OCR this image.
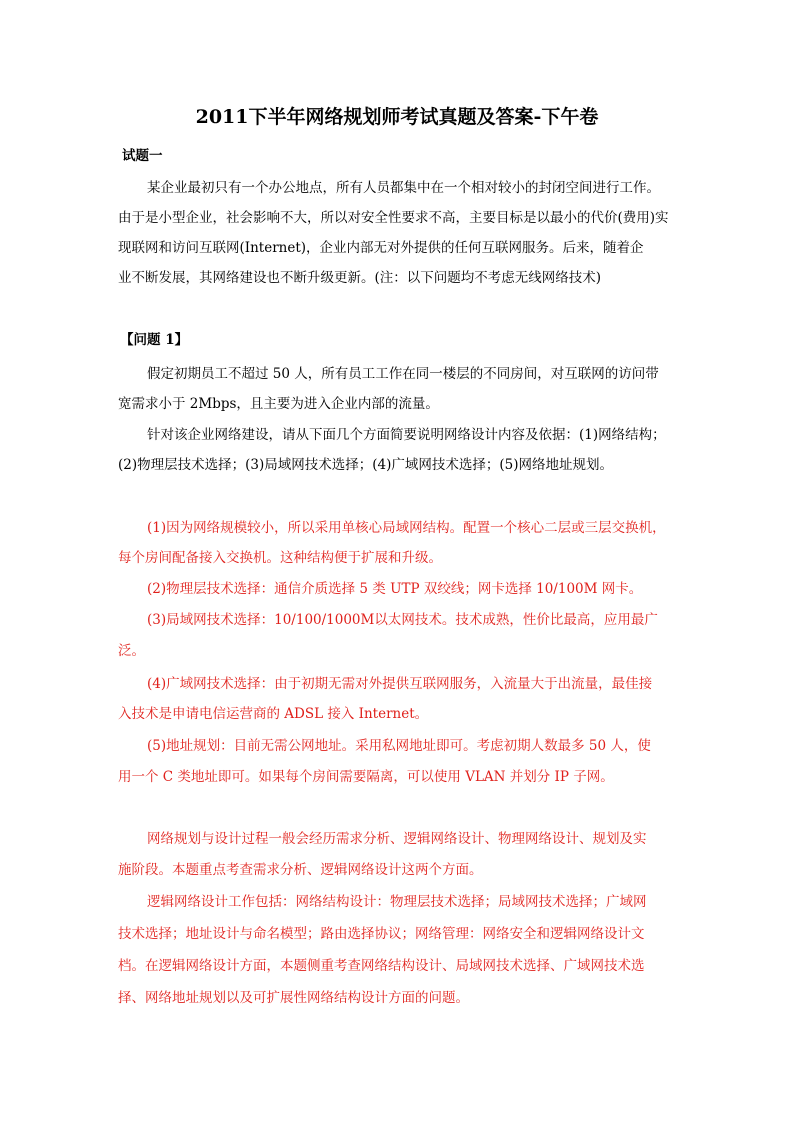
2011下半年网络规划师考试真题及答案-下午卷
试题一
某企业最初只有一个办公地点，所有人员都集中在一个相对较小的封闭空间进行工作。
由于是小型企业，社会影响不大，所以对安全性要求不高，主要目标是以最小的代价(费用)实
现联网和访问互联网(Internet)，企业内部无对外提供的任何互联网服务。后来，随着企
业不断发展，其网络建设也不断升级更新。(注：以下问题均不考虑无线网络技术)
【问题 1】
假定初期员工不超过 50 人，所有员工工作在同一楼层的不同房间，对互联网的访问带
宽需求小于 2Mbps，且主要为进入企业内部的流量。
针对该企业网络建设，请从下面几个方面简要说明网络设计内容及依据：(1)网络结构；
(2)物理层技术选择；(3)局域网技术选择；(4)广域网技术选择；(5)网络地址规划。
(1)因为网络规模较小，所以采用单核心局域网结构。配置一个核心二层或三层交换机，
每个房间配备接入交换机。这种结构便于扩展和升级。
(2)物理层技术选择：通信介质选择 5 类 UTP 双绞线；网卡选择 10/100M 网卡。
(3)局域网技术选择：10/100/1000M以太网技术。技术成熟，性价比最高，应用最广
泛。
(4)广域网技术选择：由于初期无需对外提供互联网服务，入流量大于出流量，最佳接
入技术是申请电信运营商的 ADSL 接入 Internet。
(5)地址规划：目前无需公网地址。采用私网地址即可。考虑初期人数最多 50 人，使
用一个 C 类地址即可。如果每个房间需要隔离，可以使用 VLAN 并划分 IP 子网。
网络规划与设计过程一般会经历需求分析、逻辑网络设计、物理网络设计、规划及实
施阶段。本题重点考查需求分析、逻辑网络设计这两个方面。
逻辑网络设计工作包括：网络结构设计：物理层技术选择；局域网技术选择；广域网
技术选择；地址设计与命名模型；路由选择协议；网络管理：网络安全和逻辑网络设计文
档。在逻辑网络设计方面，本题侧重考查网络结构设计、局域网技术选择、广域网技术选
择、网络地址规划以及可扩展性网络结构设计方面的问题。
